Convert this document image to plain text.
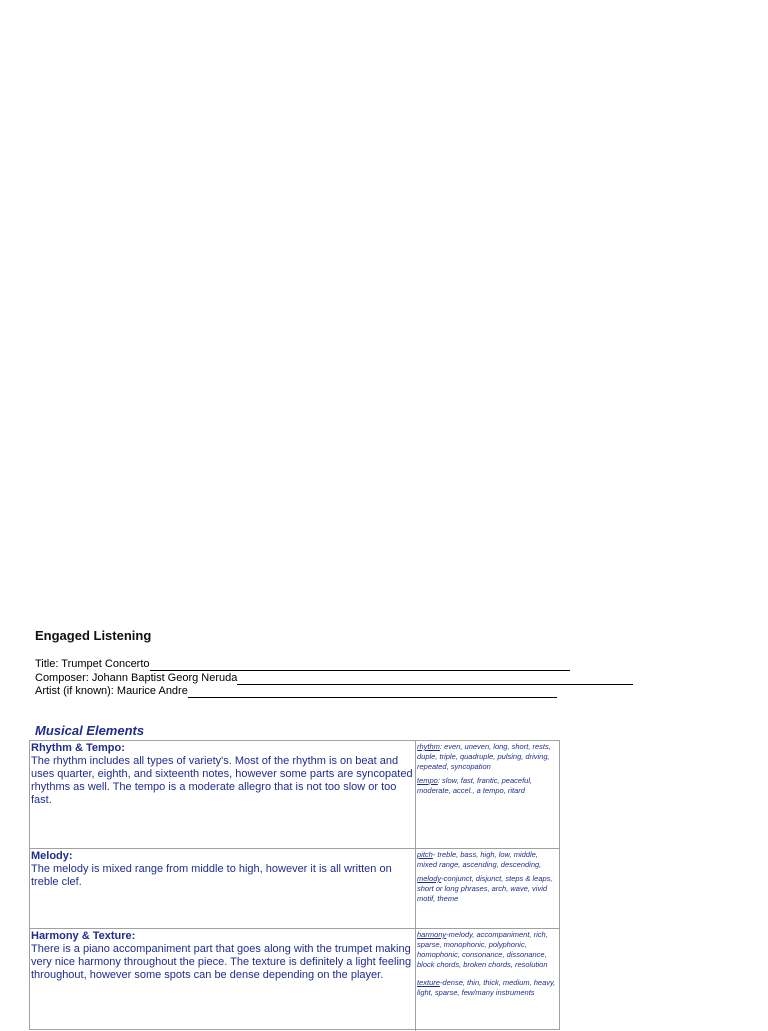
Engaged Listening
Title: Trumpet Concerto
Composer: Johann Baptist Georg Neruda
Artist (if known): Maurice Andre
Musical Elements
Rhythm & Tempo:
The rhythm includes all types of variety's. Most of the rhythm is on beat and uses quarter, eighth, and sixteenth notes, however some parts are syncopated rhythms as well. The tempo is a moderate allegro that is not too slow or too fast.

rhythm: even, uneven, long, short, rests, duple, triple, quadruple, pulsing, driving, repeated, syncopation

tempo: slow, fast, frantic, peaceful, moderate, accel., a tempo, ritard

Melody:
The melody is mixed range from middle to high, however it is all written on treble clef.

pitch- treble, bass, high, low, middle, mixed range, ascending, descending,

melody-conjunct, disjunct, steps & leaps, short or long phrases, arch, wave, vivid motif, theme

Harmony & Texture:
There is a piano accompaniment part that goes along with the trumpet making very nice harmony throughout the piece. The texture is definitely a light feeling throughout, however some spots can be dense depending on the player.

harmony-melody, accompaniment, rich, sparse, monophonic, polyphonic, homophonic, consonance, dissonance, block chords, broken chords, resolution

texture-dense, thin, thick, medium, heavy, light, sparse, few/many instruments
